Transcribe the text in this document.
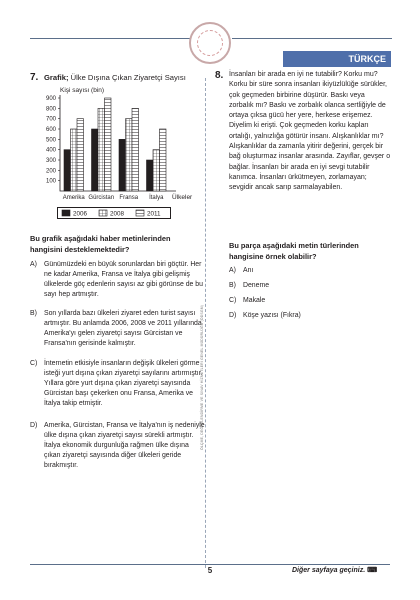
TÜRKÇE
7. Grafik; Ülke Dışına Çıkan Ziyaretçi Sayısı
Kişi sayısı (bin)
100
200
300
400
500
600
700
800
900
Amerika Gürcistan Fransa İtalya Ülkeler
2006	2008	2011
Bu grafik aşağıdaki haber metinlerinden hangisini desteklemektedir?
A) Günümüzdeki en büyük sorunlardan biri göçtür. Her ne kadar Amerika, Fransa ve İtalya gibi gelişmiş ülkelerde göç edenlerin sayısı az gibi görünse de bu sayı hep artmıştır.
B) Son yıllarda bazı ülkeleri ziyaret eden turist sayısı artmıştır. Bu anlamda 2006, 2008 ve 2011 yıllarında Amerika'yı gelen ziyaretçi sayısı Gürcistan ve Fransa'nın gerisinde kalmıştır.
C) İnternetin etkisiyle insanların değişik ülkeleri görme isteği yurt dışına çıkan ziyaretçi sayılarını artırmıştır. Yıllara göre yurt dışına çıkan ziyaretçi sayısında Gürcistan başı çekerken onu Fransa, Amerika ve İtalya takip etmiştir.
D) Amerika, Gürcistan, Fransa ve İtalya'nın iş nedeniyle ülke dışına çıkan ziyaretçi sayısı sürekli artmıştır. İtalya ekonomik durgunluğa rağmen ülke dışına çıkan ziyaretçi sayısında diğer ülkeleri geride bırakmıştır.
ÖLÇME, DEĞERLENDİRME VE SINAV HİZMETLERİ GENEL MÜDÜRLÜĞÜ (ÖDSGM)
8. İnsanları bir arada en iyi ne tutabilir? Korku mu? Korku bir süre sonra insanları ikiyüzlülüğe sürükler, çok geçmeden birbirine düşürür. Baskı veya zorbalık mı? Baskı ve zorbalık olanca sertliğiyle de ortaya çıksa gücü her yere, herkese erişemez. Diyelim ki erişti. Çok geçmeden korku kapları ortalığı, yalnızlığa götürür insanı. Alışkanlıklar mı? Alışkanlıklar da zamanla yitirir değerini, gerçek bir bağ oluşturmaz insanlar arasında. Zayıflar, gevşer o bağlar. İnsanları bir arada en iyi sevgi tutabilir kanımca. İnsanları ürkütmeyen, zorlamayan; sevgidir ancak sarıp sarmalayabilen.
Bu parça aşağıdaki metin türlerinden hangisine örnek olabilir?
A) Anı
B) Deneme
C) Makale
D) Köşe yazısı (Fıkra)
5	Diğer sayfaya geçiniz. ⌨
